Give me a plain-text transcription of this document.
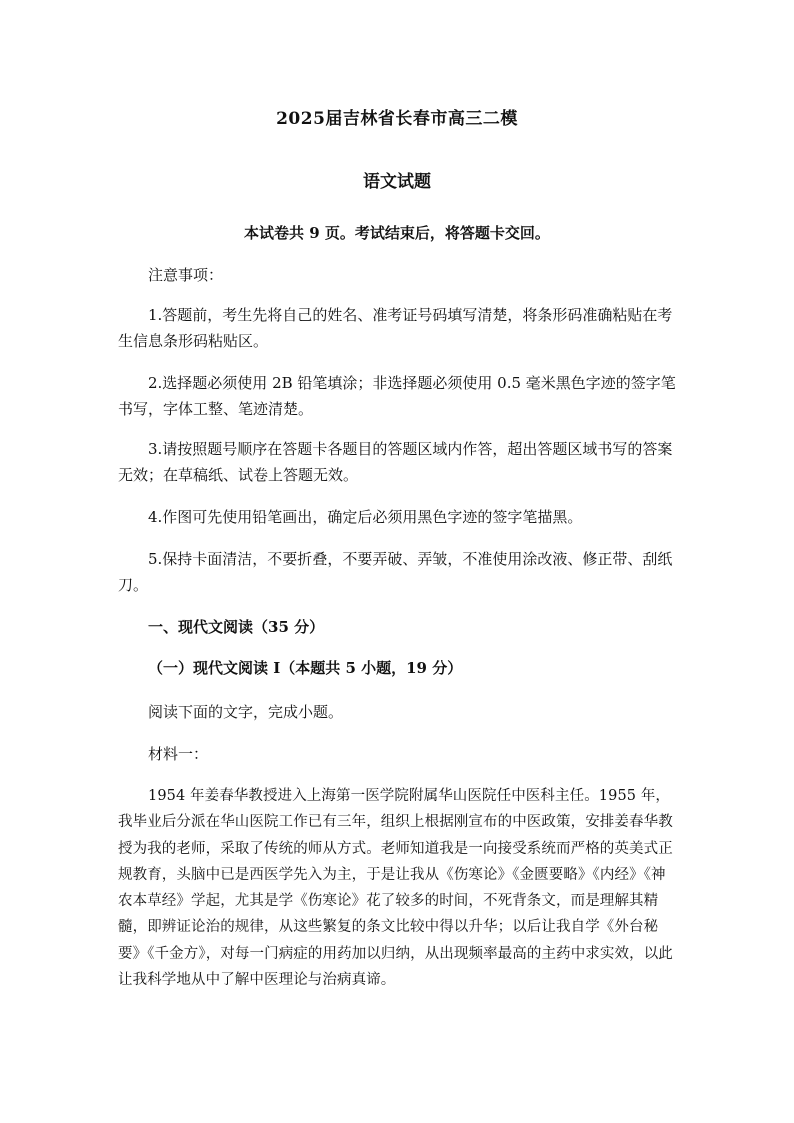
2025届吉林省长春市高三二模
语文试题
本试卷共 9 页。考试结束后，将答题卡交回。
注意事项：
1.答题前，考生先将自己的姓名、准考证号码填写清楚，将条形码准确粘贴在考生信息条形码粘贴区。
2.选择题必须使用 2B 铅笔填涂；非选择题必须使用 0.5 毫米黑色字迹的签字笔书写，字体工整、笔迹清楚。
3.请按照题号顺序在答题卡各题目的答题区域内作答，超出答题区域书写的答案无效；在草稿纸、试卷上答题无效。
4.作图可先使用铅笔画出，确定后必须用黑色字迹的签字笔描黑。
5.保持卡面清洁，不要折叠，不要弄破、弄皱，不准使用涂改液、修正带、刮纸刀。
一、现代文阅读（35 分）
（一）现代文阅读 I（本题共 5 小题，19 分）
阅读下面的文字，完成小题。
材料一：
1954 年姜春华教授进入上海第一医学院附属华山医院任中医科主任。1955 年，我毕业后分派在华山医院工作已有三年，组织上根据刚宣布的中医政策，安排姜春华教授为我的老师，采取了传统的师从方式。老师知道我是一向接受系统而严格的英美式正规教育，头脑中已是西医学先入为主，于是让我从《伤寒论》《金匮要略》《内经》《神农本草经》学起，尤其是学《伤寒论》花了较多的时间，不死背条文，而是理解其精髓，即辨证论治的规律，从这些繁复的条文比较中得以升华；以后让我自学《外台秘要》《千金方》，对每一门病症的用药加以归纳，从出现频率最高的主药中求实效，以此让我科学地从中了解中医理论与治病真谛。
